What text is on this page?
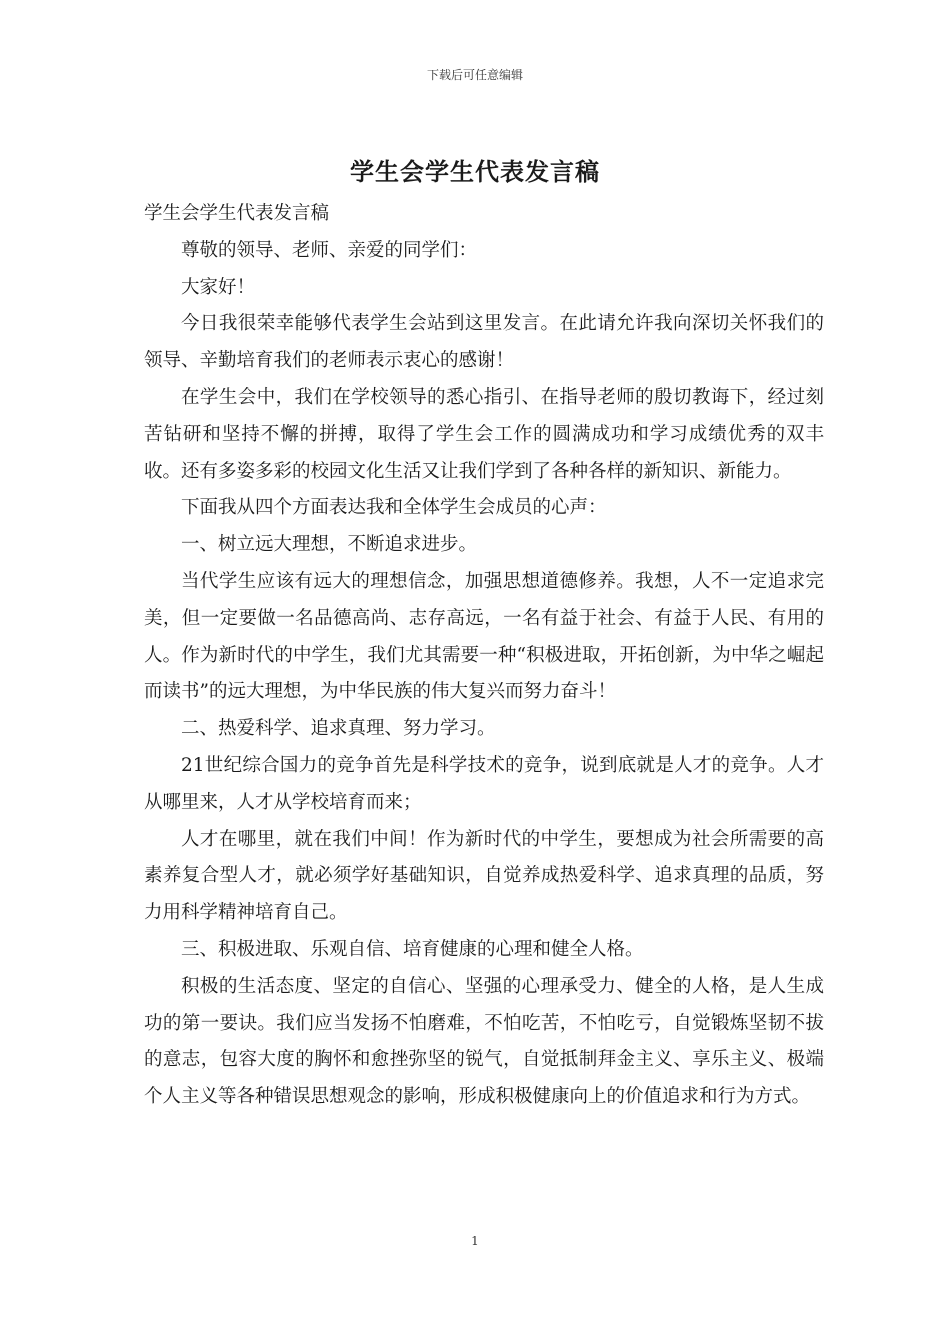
下载后可任意编辑
学生会学生代表发言稿

学生会学生代表发言稿

尊敬的领导、老师、亲爱的同学们：

大家好！

今日我很荣幸能够代表学生会站到这里发言。在此请允许我向深切关怀我们的领导、辛勤培育我们的老师表示衷心的感谢！

在学生会中，我们在学校领导的悉心指引、在指导老师的殷切教诲下，经过刻苦钻研和坚持不懈的拼搏，取得了学生会工作的圆满成功和学习成绩优秀的双丰收。还有多姿多彩的校园文化生活又让我们学到了各种各样的新知识、新能力。

下面我从四个方面表达我和全体学生会成员的心声：

一、树立远大理想，不断追求进步。

当代学生应该有远大的理想信念，加强思想道德修养。我想，人不一定追求完美，但一定要做一名品德高尚、志存高远，一名有益于社会、有益于人民、有用的人。作为新时代的中学生，我们尤其需要一种“积极进取，开拓创新，为中华之崛起而读书”的远大理想，为中华民族的伟大复兴而努力奋斗！

二、热爱科学、追求真理、努力学习。

21世纪综合国力的竞争首先是科学技术的竞争，说到底就是人才的竞争。人才从哪里来，人才从学校培育而来；

人才在哪里，就在我们中间！作为新时代的中学生，要想成为社会所需要的高素养复合型人才，就必须学好基础知识，自觉养成热爱科学、追求真理的品质，努力用科学精神培育自己。

三、积极进取、乐观自信、培育健康的心理和健全人格。

积极的生活态度、坚定的自信心、坚强的心理承受力、健全的人格，是人生成功的第一要诀。我们应当发扬不怕磨难，不怕吃苦，不怕吃亏，自觉锻炼坚韧不拔的意志，包容大度的胸怀和愈挫弥坚的锐气，自觉抵制拜金主义、享乐主义、极端个人主义等各种错误思想观念的影响，形成积极健康向上的价值追求和行为方式。

1
